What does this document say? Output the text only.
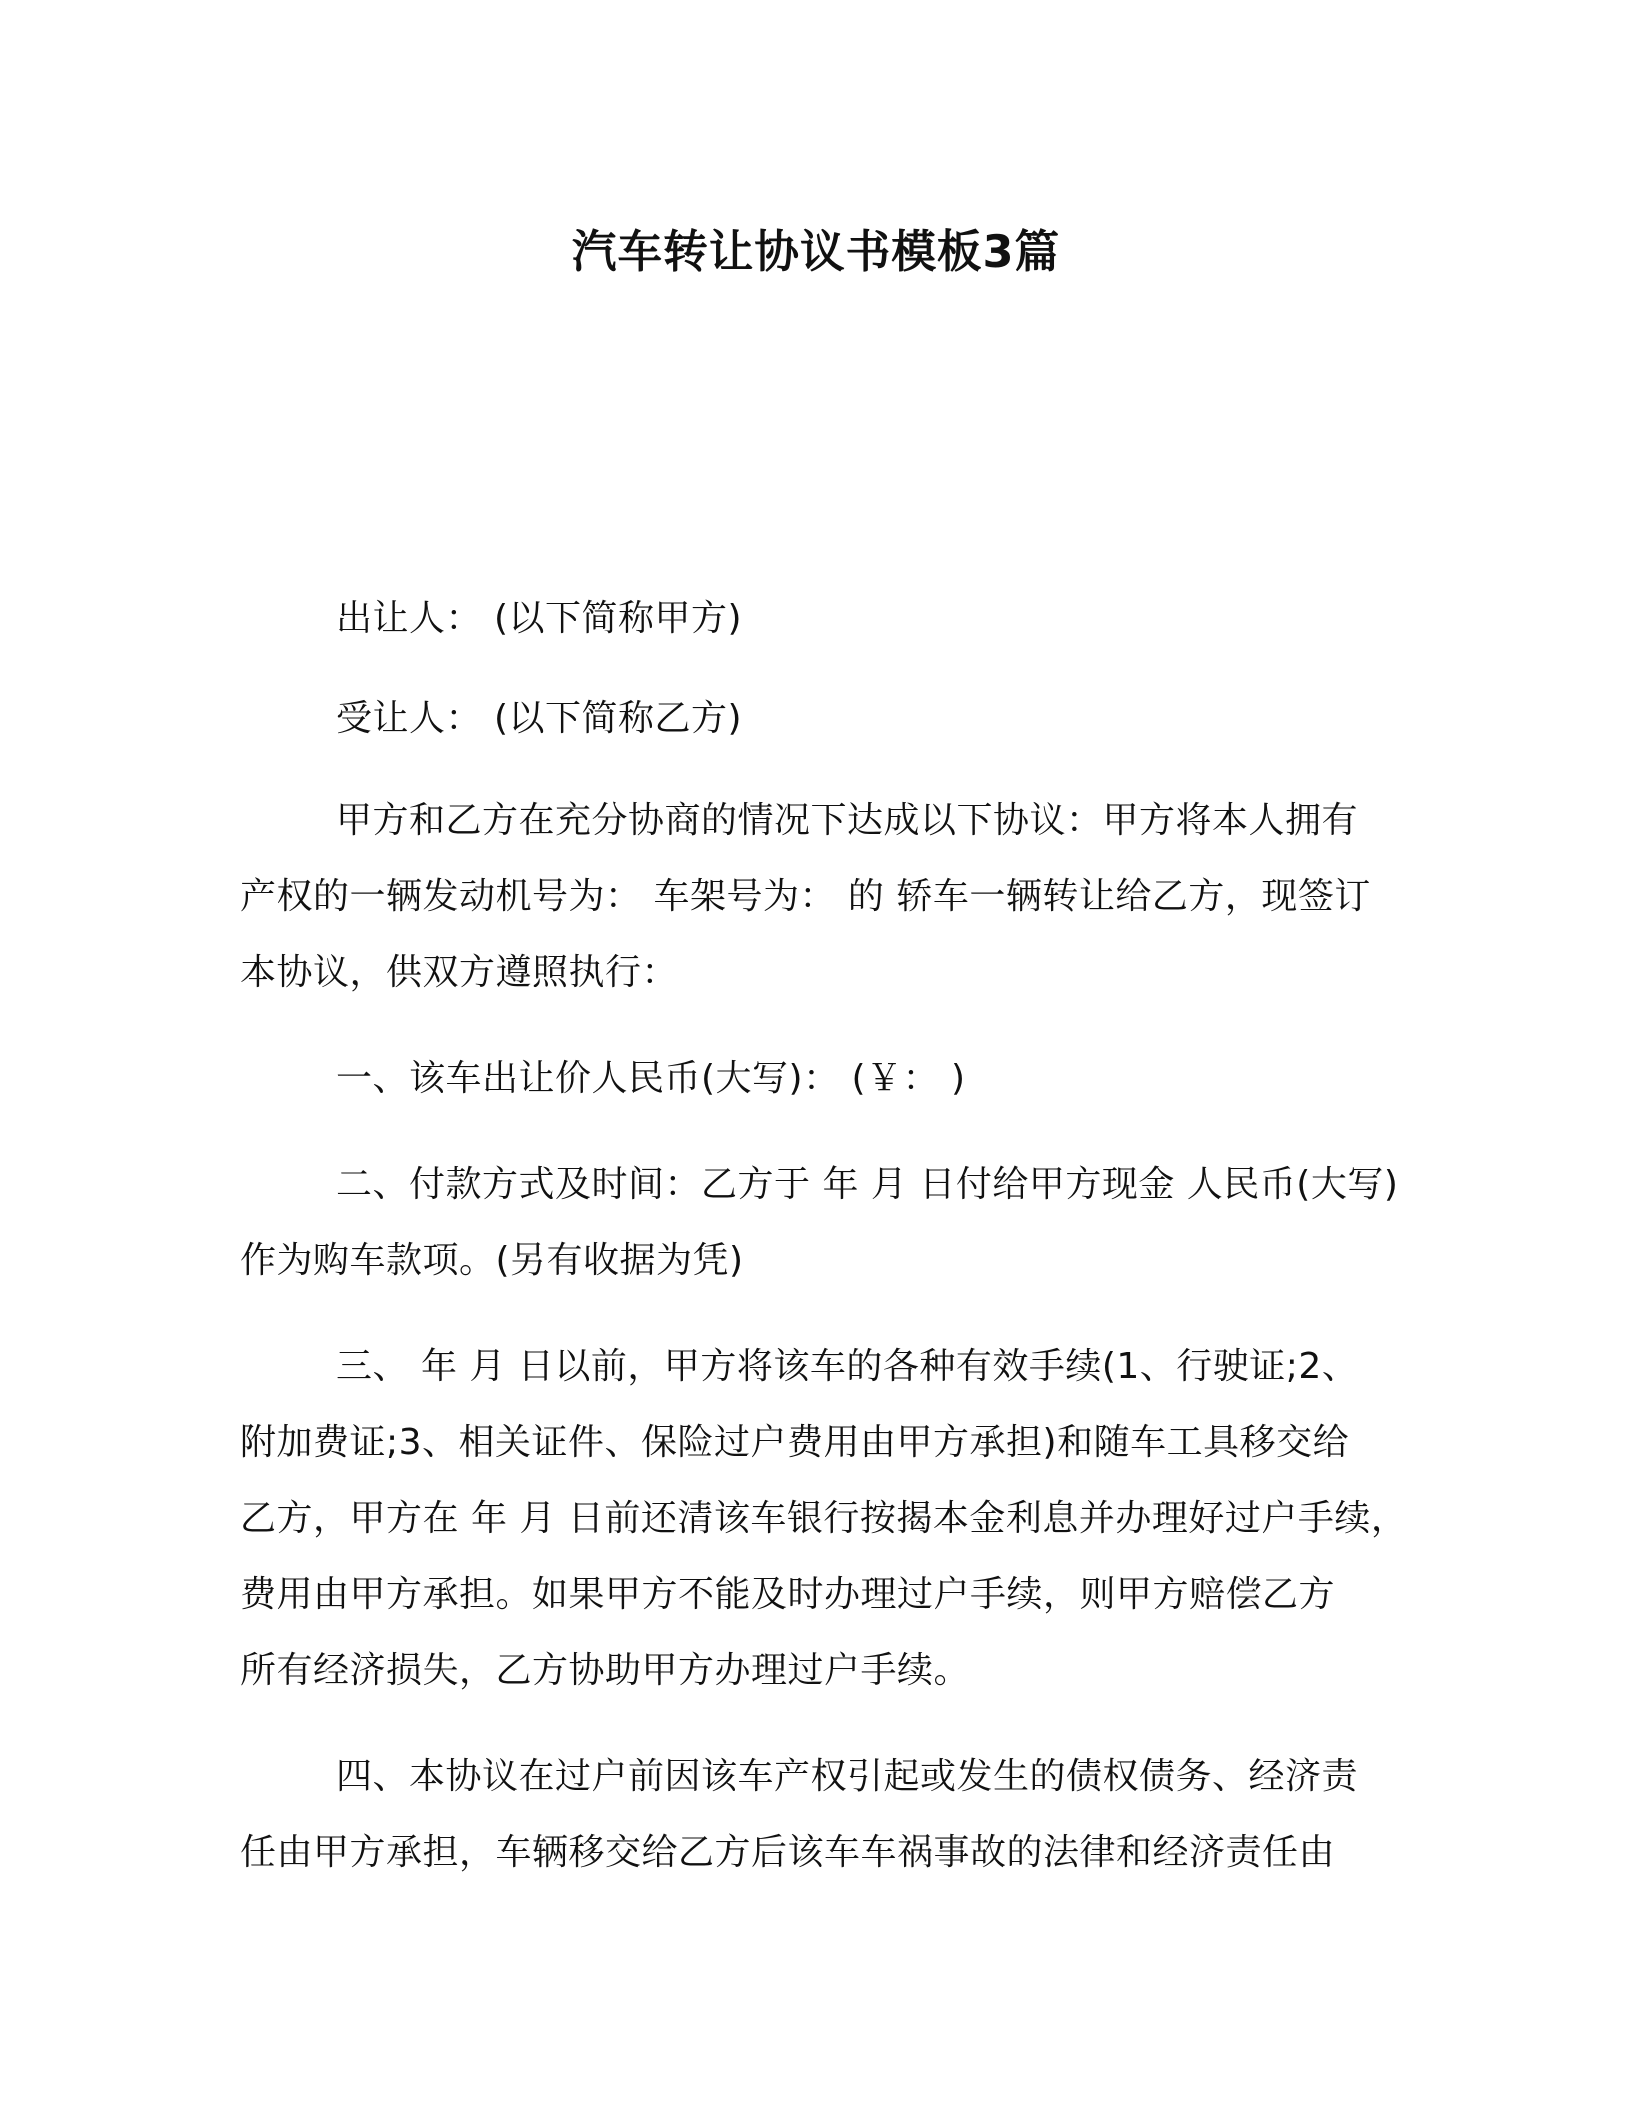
汽车转让协议书模板3篇
出让人： (以下简称甲方)
受让人： (以下简称乙方)
甲方和乙方在充分协商的情况下达成以下协议：甲方将本人拥有
产权的一辆发动机号为： 车架号为： 的 轿车一辆转让给乙方，现签订
本协议，供双方遵照执行：
一、该车出让价人民币(大写)： (￥： )
二、付款方式及时间：乙方于 年 月 日付给甲方现金 人民币(大写)
作为购车款项。(另有收据为凭)
三、 年 月 日以前，甲方将该车的各种有效手续(1、行驶证;2、
附加费证;3、相关证件、保险过户费用由甲方承担)和随车工具移交给
乙方，甲方在 年 月 日前还清该车银行按揭本金利息并办理好过户手续，
费用由甲方承担。如果甲方不能及时办理过户手续，则甲方赔偿乙方
所有经济损失，乙方协助甲方办理过户手续。
四、本协议在过户前因该车产权引起或发生的债权债务、经济责
任由甲方承担，车辆移交给乙方后该车车祸事故的法律和经济责任由
